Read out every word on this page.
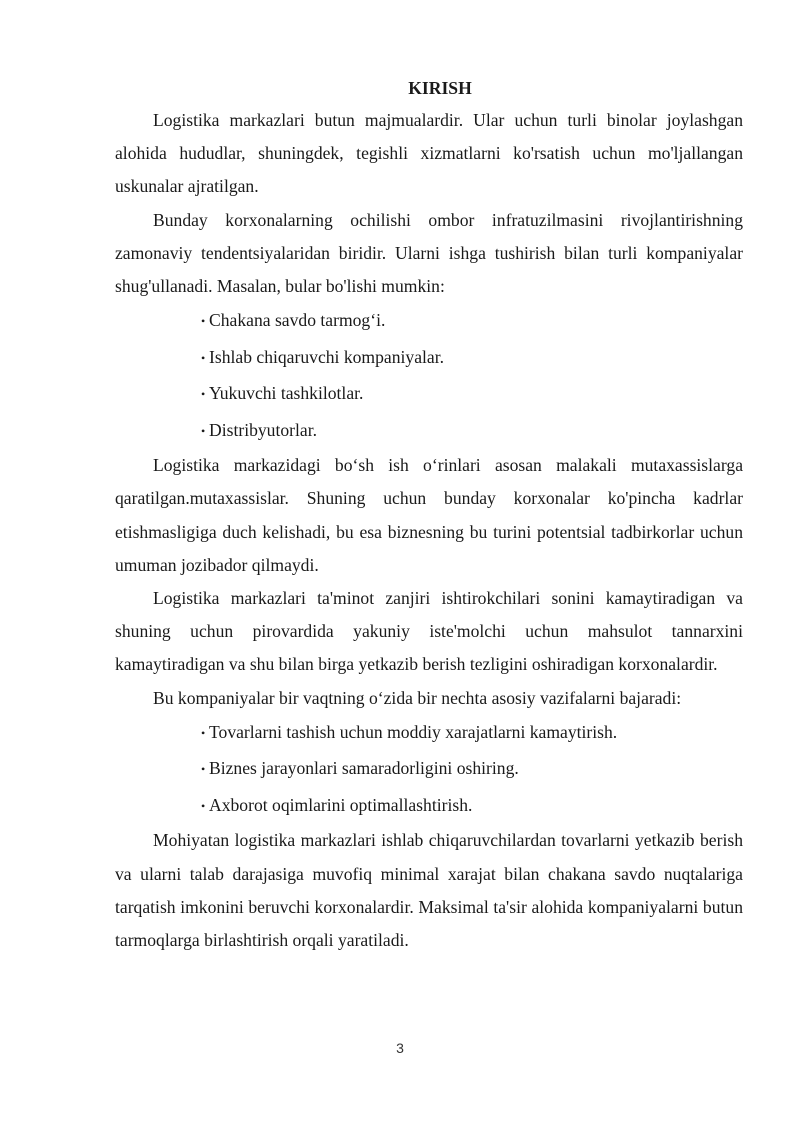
KIRISH

Logistika markazlari butun majmualardir. Ular uchun turli binolar joylashgan alohida hududlar, shuningdek, tegishli xizmatlarni ko'rsatish uchun mo'ljallangan uskunalar ajratilgan.

Bunday korxonalarning ochilishi ombor infratuzilmasini rivojlantirishning zamonaviy tendentsiyalaridan biridir. Ularni ishga tushirish bilan turli kompaniyalar shug'ullanadi. Masalan, bular bo'lishi mumkin:

• Chakana savdo tarmog‘i.
• Ishlab chiqaruvchi kompaniyalar.
• Yukuvchi tashkilotlar.
• Distribyutorlar.

Logistika markazidagi bo‘sh ish o‘rinlari asosan malakali mutaxassislarga qaratilgan.mutaxassislar. Shuning uchun bunday korxonalar ko'pincha kadrlar etishmasligiga duch kelishadi, bu esa biznesning bu turini potentsial tadbirkorlar uchun umuman jozibador qilmaydi.

Logistika markazlari ta'minot zanjiri ishtirokchilari sonini kamaytiradigan va shuning uchun pirovardida yakuniy iste'molchi uchun mahsulot tannarxini kamaytiradigan va shu bilan birga yetkazib berish tezligini oshiradigan korxonalardir.

Bu kompaniyalar bir vaqtning o‘zida bir nechta asosiy vazifalarni bajaradi:

• Tovarlarni tashish uchun moddiy xarajatlarni kamaytirish.
• Biznes jarayonlari samaradorligini oshiring.
• Axborot oqimlarini optimallashtirish.

Mohiyatan logistika markazlari ishlab chiqaruvchilardan tovarlarni yetkazib berish va ularni talab darajasiga muvofiq minimal xarajat bilan chakana savdo nuqtalariga tarqatish imkonini beruvchi korxonalardir. Maksimal ta'sir alohida kompaniyalarni butun tarmoqlarga birlashtirish orqali yaratiladi.

3
